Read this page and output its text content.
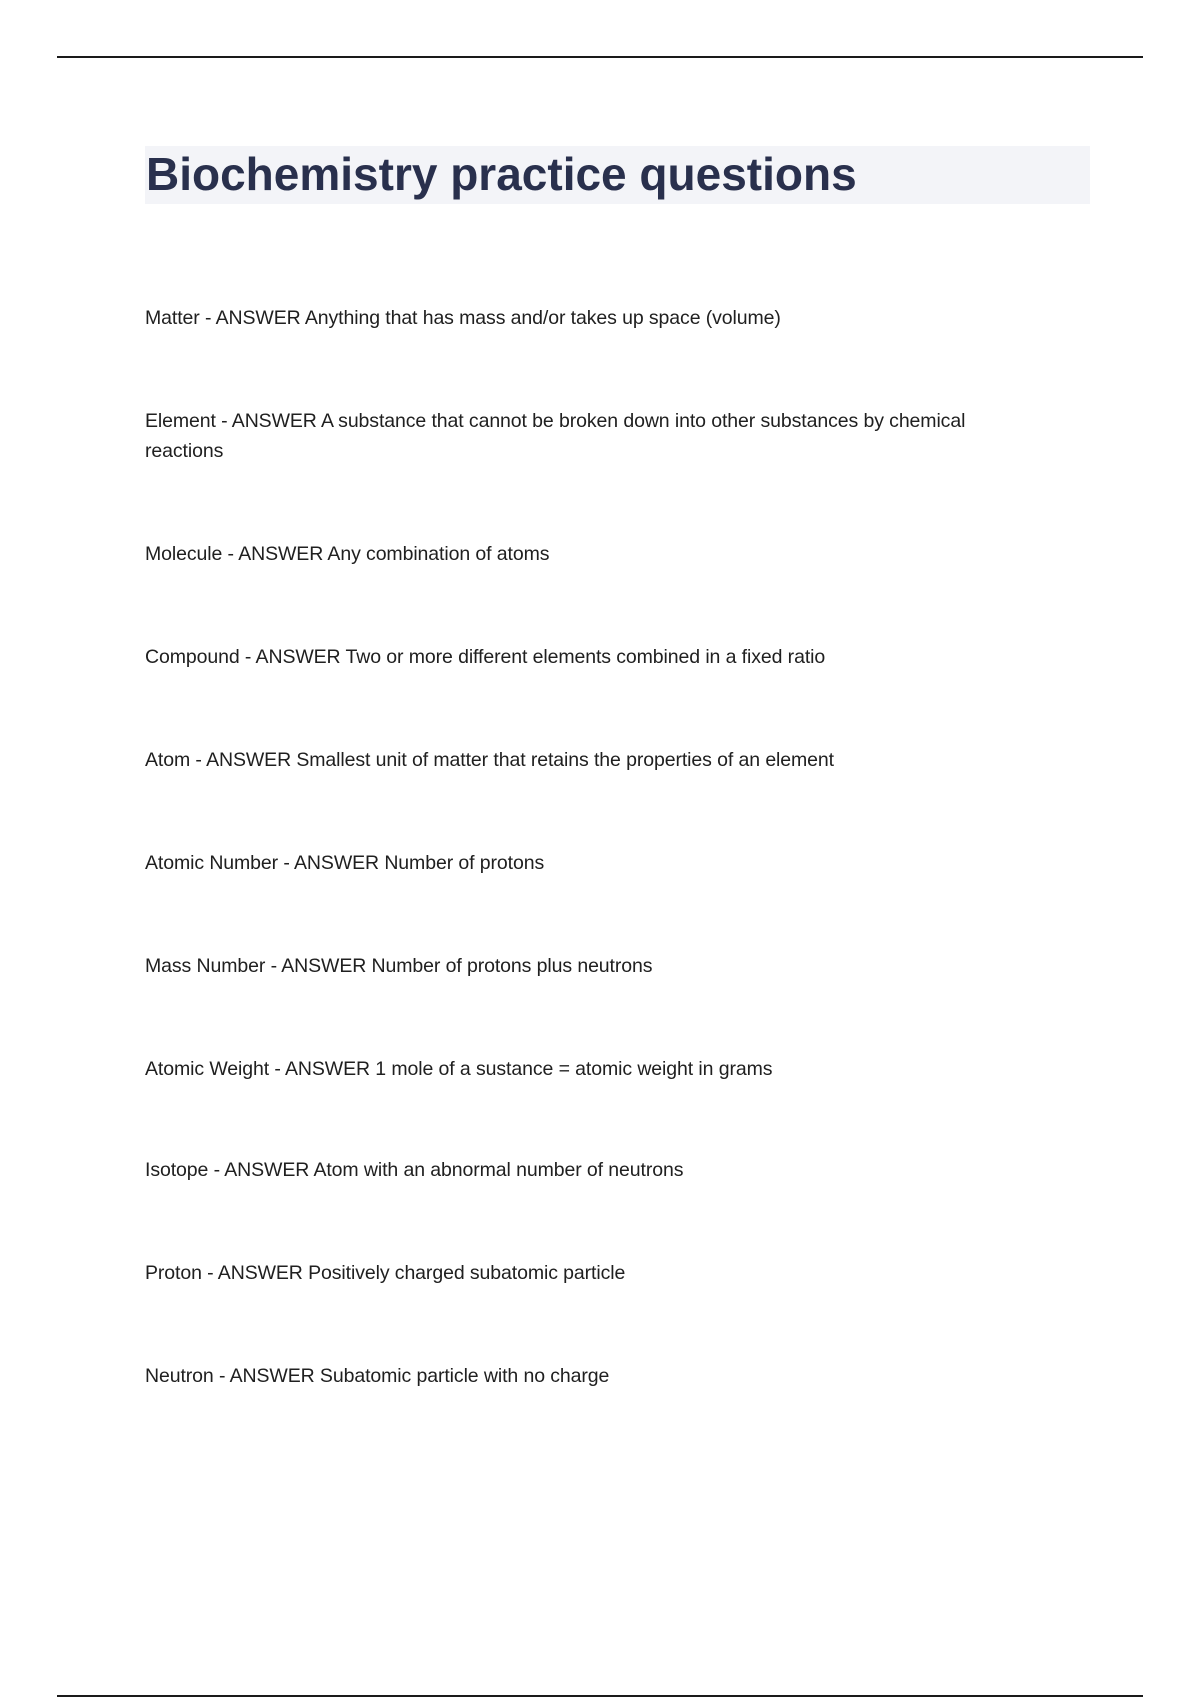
Biochemistry practice questions
Matter - ANSWER Anything that has mass and/or takes up space (volume)
Element - ANSWER A substance that cannot be broken down into other substances by chemical reactions
Molecule - ANSWER Any combination of atoms
Compound - ANSWER Two or more different elements combined in a fixed ratio
Atom - ANSWER Smallest unit of matter that retains the properties of an element
Atomic Number - ANSWER Number of protons
Mass Number - ANSWER Number of protons plus neutrons
Atomic Weight - ANSWER 1 mole of a sustance = atomic weight in grams
Isotope - ANSWER Atom with an abnormal number of neutrons
Proton - ANSWER Positively charged subatomic particle
Neutron - ANSWER Subatomic particle with no charge
